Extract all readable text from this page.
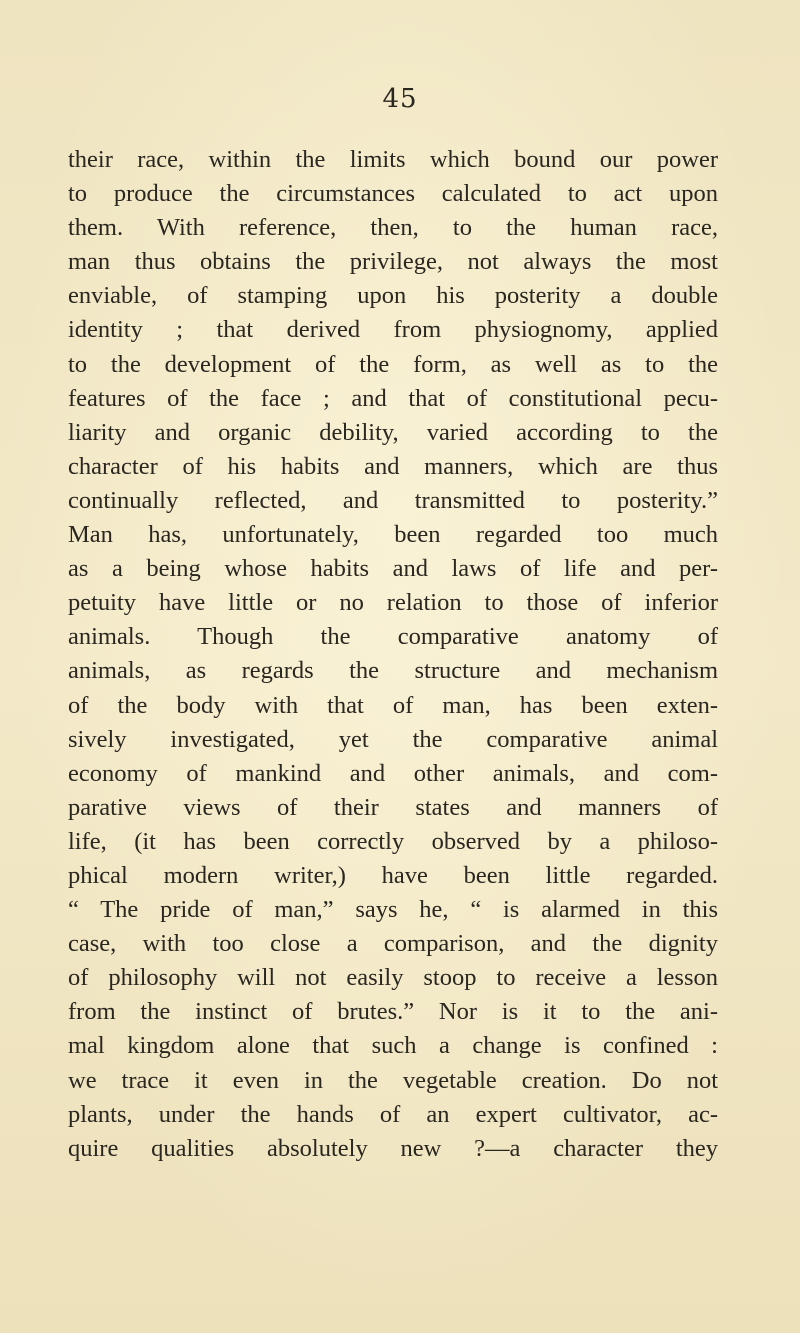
45
their race, within the limits which bound our power
to produce the circumstances calculated to act upon
them. With reference, then, to the human race,
man thus obtains the privilege, not always the most
enviable, of stamping upon his posterity a double
identity ; that derived from physiognomy, applied
to the development of the form, as well as to the
features of the face ; and that of constitutional pecu-
liarity and organic debility, varied according to the
character of his habits and manners, which are thus
continually reflected, and transmitted to posterity.”
Man has, unfortunately, been regarded too much
as a being whose habits and laws of life and per-
petuity have little or no relation to those of inferior
animals. Though the comparative anatomy of
animals, as regards the structure and mechanism
of the body with that of man, has been exten-
sively investigated, yet the comparative animal
economy of mankind and other animals, and com-
parative views of their states and manners of
life, (it has been correctly observed by a philoso-
phical modern writer,) have been little regarded.
“ The pride of man,” says he, “ is alarmed in this
case, with too close a comparison, and the dignity
of philosophy will not easily stoop to receive a lesson
from the instinct of brutes.” Nor is it to the ani-
mal kingdom alone that such a change is confined :
we trace it even in the vegetable creation. Do not
plants, under the hands of an expert cultivator, ac-
quire qualities absolutely new ?—a character they
